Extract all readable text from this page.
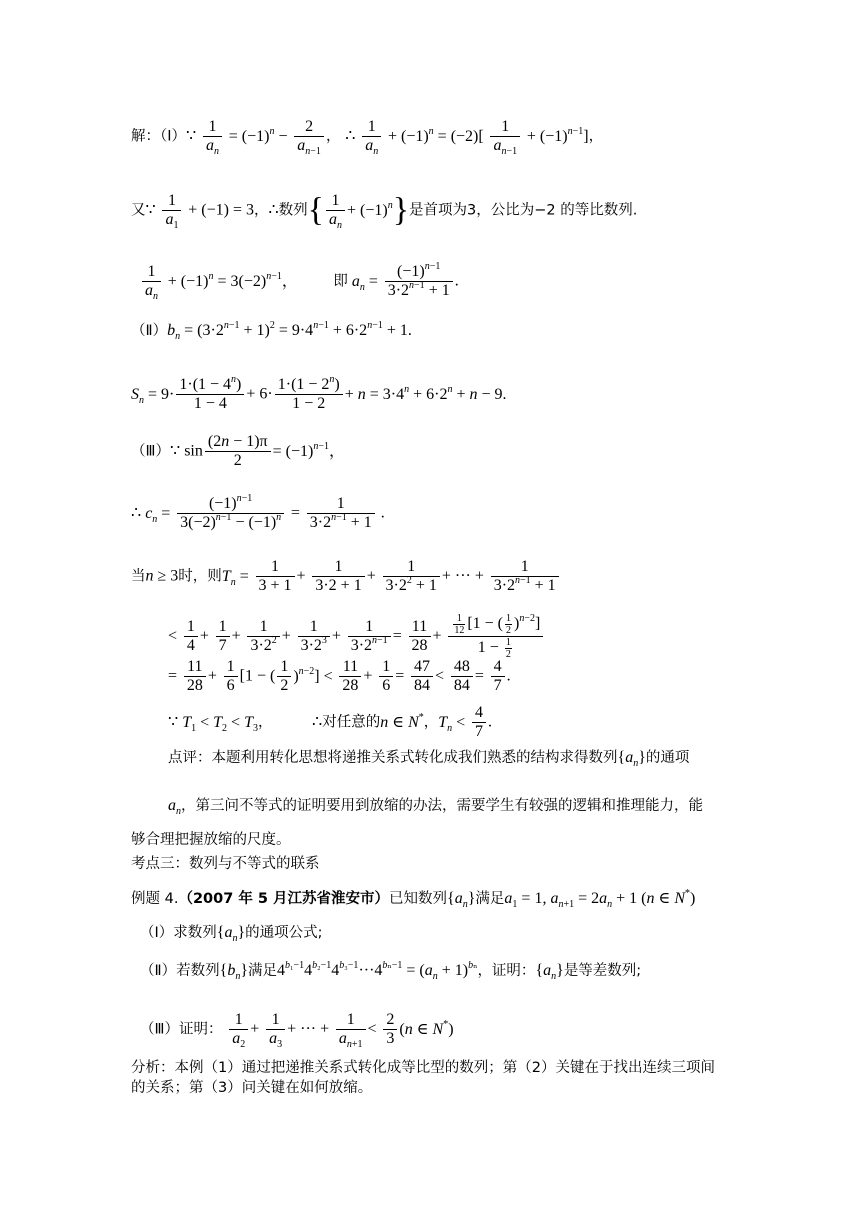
解：（Ⅰ）∵ $\frac{1}{a_n} = (-1)^n - \frac{2}{a_{n-1}}$ ， ∴ $\frac{1}{a_n} + (-1)^n = (-2)[ \frac{1}{a_{n-1}} + (-1)^{n-1}]$，
又∵ $\frac{1}{a_1} + (-1) = 3$，∴数列{ $\frac{1}{a_n} + (-1)^n$}是首项为3，公比为−2 的等比数列.
$\frac{1}{a_n} + (-1)^n = 3(-2)^{n-1}$， 即 $a_n = \frac{(-1)^{n-1}}{3\cdot 2^{n-1} + 1}$ .
$(Ⅱ)b_n = (3\cdot 2^{n-1} + 1)^2 = 9\cdot 4^{n-1} + 6\cdot 2^{n-1} + 1$.
$S_n = 9\cdot \frac{1\cdot(1 - 4^n)}{1 - 4} + 6\cdot \frac{1\cdot(1 - 2^n)}{1 - 2} + n = 3\cdot 4^n + 6\cdot 2^n + n - 9$.
（Ⅲ）∵ $\sin \frac{(2n - 1)\pi}{2} = (-1)^{n-1}$，
∴ $c_n = \frac{(-1)^{n-1}}{3(-2)^{n-1} - (-1)^n} = \frac{1}{3\cdot 2^{n-1} + 1}$ .
当n ≥ 3时，则$T_n = \frac{1}{3 + 1} + \frac{1}{3\cdot 2 + 1} + \frac{1}{3\cdot 2^2 + 1}$ + ··· + $\frac{1}{3\cdot 2^{n-1} + 1}$
< $\frac{1}{4} + \frac{1}{7} + \frac{1}{3\cdot 2^2} + \frac{1}{3\cdot 2^3} + \frac{1}{3\cdot 2^{n-1}} = \frac{11}{28} + \frac{\frac{1}{12} [1 - ( \frac{1}{2} )^{n-2}]}{1 - \frac{1}{2}}$
= $\frac{11}{28} + \frac{1}{6} [1$ − ( $\frac{1}{2} )^{n-2}] < \frac{11}{28} + \frac{1}{6} = \frac{47}{84} < \frac{48}{84} = \frac{4}{7}$ .
∵ $T_1 < T_2 < T_3$， ∴对任意的n ∈ N*，$T_n < \frac{4}{7}$ .
点评：本题利用转化思想将递推关系式转化成我们熟悉的结构求得数列$\{a_n\}$的通项
$a_n$，第三问不等式的证明要用到放缩的办法，需要学生有较强的逻辑和推理能力，能
够合理把握放缩的尺度。
考点三：数列与不等式的联系
例题 4.（2007 年 5 月江苏省淮安市）已知数列$\{a_n\}$满足$a_1 = 1$, $a_{n+1} = 2a_n + 1$ (n ∈ N*)
（Ⅰ）求数列$\{a_n\}$的通项公式;
（Ⅱ）若数列$\{b_n\}$满足$4^{b_1-1}4^{b_2-1}4^{b_3-1}\cdot\cdot\cdot 4^{b_n-1} = (a_n + 1)^{b_n}$，证明：$\{a_n\}$是等差数列;
（Ⅲ）证明： $\frac{1}{a_2} + \frac{1}{a_3}$ + ··· + $\frac{1}{a_{n+1}} < \frac{2}{3} (n$ ∈ N*)
分析：本例（1）通过把递推关系式转化成等比型的数列；第（2）关键在于找出连续三项间
的关系；第（3）问关键在如何放缩。
